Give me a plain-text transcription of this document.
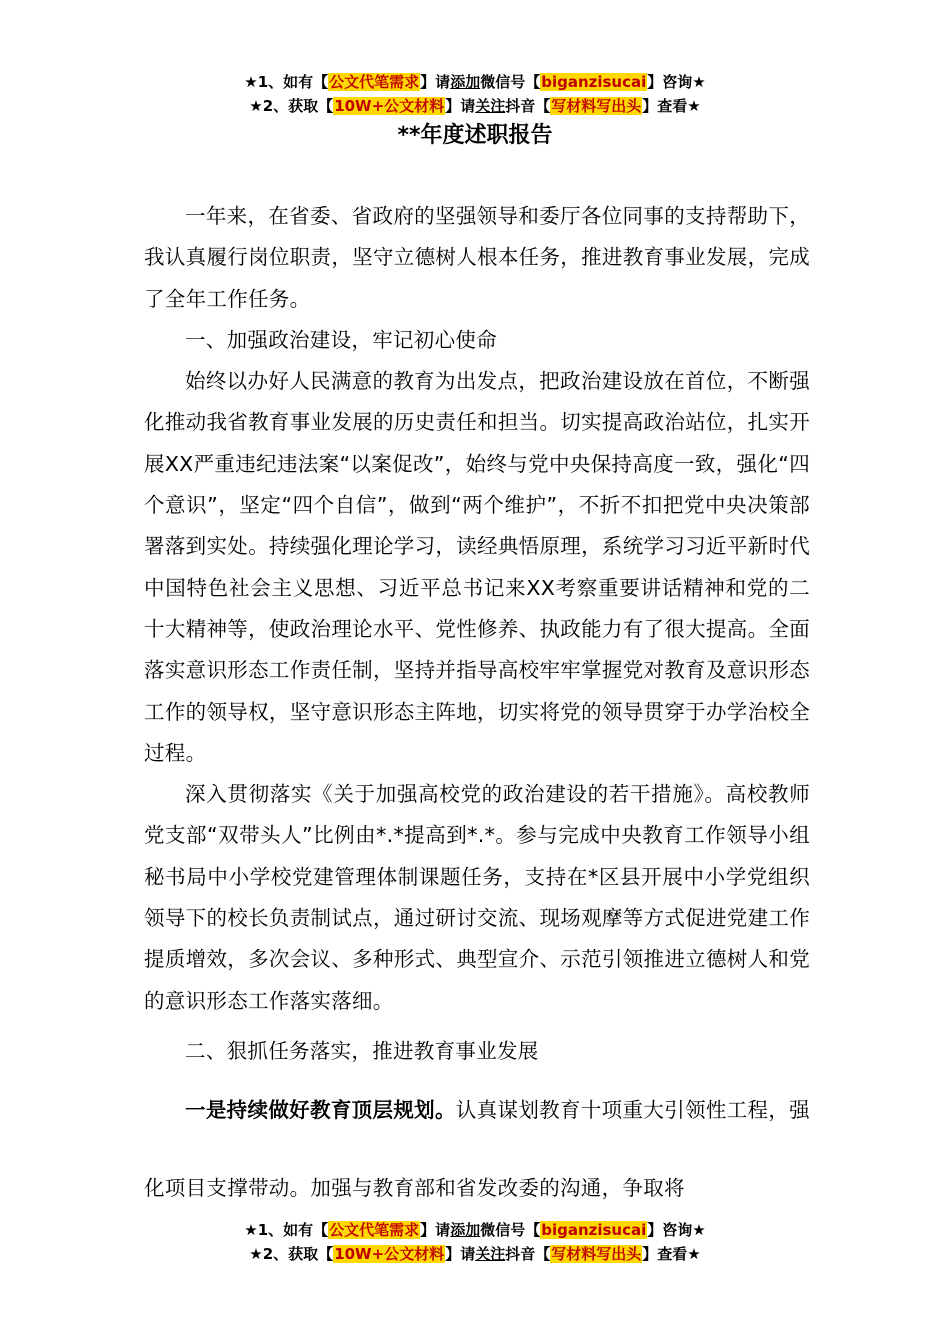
★1、如有【公文代笔需求】请添加微信号【biganzisucai】咨询★
★2、获取【10W+公文材料】请关注抖音【写材料写出头】查看★
**年度述职报告

一年来，在省委、省政府的坚强领导和委厅各位同事的支持帮助下，我认真履行岗位职责，坚守立德树人根本任务，推进教育事业发展，完成了全年工作任务。

一、加强政治建设，牢记初心使命

始终以办好人民满意的教育为出发点，把政治建设放在首位，不断强化推动我省教育事业发展的历史责任和担当。切实提高政治站位，扎实开展XX严重违纪违法案“以案促改”，始终与党中央保持高度一致，强化“四个意识”，坚定“四个自信”，做到“两个维护”，不折不扣把党中央决策部署落到实处。持续强化理论学习，读经典悟原理，系统学习习近平新时代中国特色社会主义思想、习近平总书记来XX考察重要讲话精神和党的二十大精神等，使政治理论水平、党性修养、执政能力有了很大提高。全面落实意识形态工作责任制，坚持并指导高校牢牢掌握党对教育及意识形态工作的领导权，坚守意识形态主阵地，切实将党的领导贯穿于办学治校全过程。

深入贯彻落实《关于加强高校党的政治建设的若干措施》。高校教师党支部“双带头人”比例由*.*提高到*.*。参与完成中央教育工作领导小组秘书局中小学校党建管理体制课题任务，支持在*区县开展中小学党组织领导下的校长负责制试点，通过研讨交流、现场观摩等方式促进党建工作提质增效，多次会议、多种形式、典型宣介、示范引领推进立德树人和党的意识形态工作落实落细。

二、狠抓任务落实，推进教育事业发展

一是持续做好教育顶层规划。认真谋划教育十项重大引领性工程，强化项目支撑带动。加强与教育部和省发改委的沟通，争取将

★1、如有【公文代笔需求】请添加微信号【biganzisucai】咨询★
★2、获取【10W+公文材料】请关注抖音【写材料写出头】查看★
